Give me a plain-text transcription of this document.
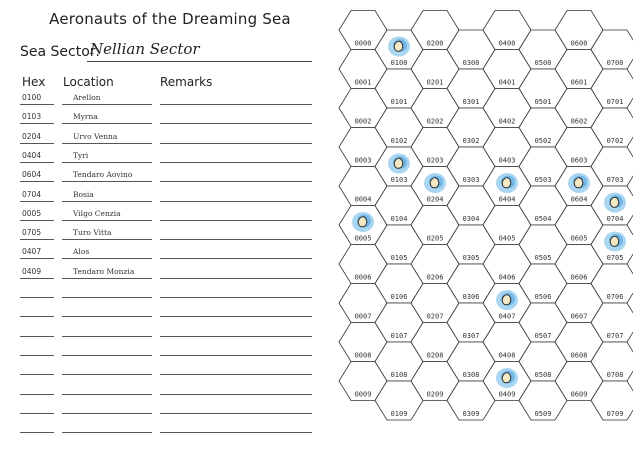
Aeronauts of the Dreaming Sea
Sea Sector:
Nellian Sector
Hex Location	Remarks
0100	Arellon
0103	Myrna
0204	Urvo Venna
0404	Tyri
0604	Tendaro Aovino
0704	Bosia
0005	Vilgo Cenzia
0705	Turo Vitta
0407	Alos
0409	Tendaro Monzia
0000
0001
0002
0003
0004
0005
0006
0007
0008
0009
0100
0101
0102
0103
0104
0105
0106
0107
0108
0109
0200
0201
0202
0203
0204
0205
0206
0207
0208
0209
0300
0301
0302
0303
0304
0305
0306
0307
0308
0309
0400
0401
0402
0403
0404
0405
0406
0407
0408
0409
0500
0501
0502
0503
0504
0505
0506
0507
0508
0509
0600
0601
0602
0603
0604
0605
0606
0607
0608
0609
0700
0701
0702
0703
0704
0705
0706
0707
0708
0709
